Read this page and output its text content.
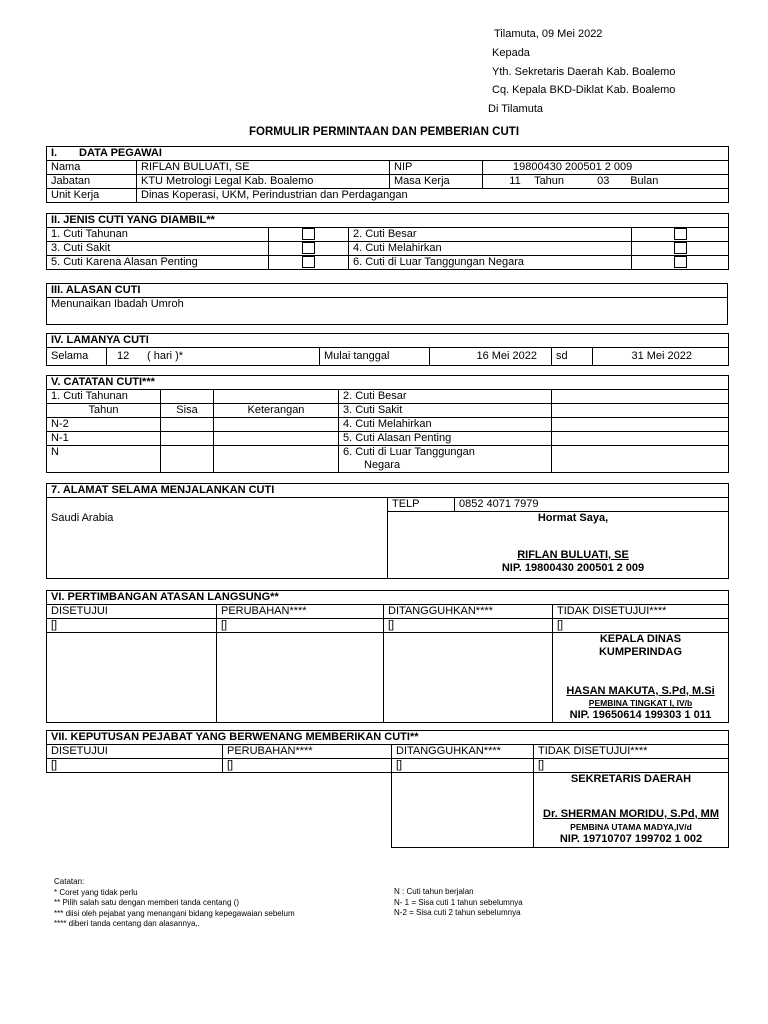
Tilamuta, 09 Mei 2022
Kepada
Yth. Sekretaris Daerah Kab. Boalemo
Cq. Kepala BKD-Diklat Kab. Boalemo
Di Tilamuta
FORMULIR PERMINTAAN DAN PEMBERIAN CUTI
I. DATA PEGAWAI			
Nama	RIFLAN BULUATI, SE	NIP	19800430 200501 2 009
Jabatan	KTU Metrologi Legal Kab. Boalemo	Masa Kerja	11 Tahun 03 Bulan
Unit Kerja	Dinas Koperasi, UKM, Perindustrian dan Perdagangan		
II. JENIS CUTI YANG DIAMBIL**			
1. Cuti Tahunan		2. Cuti Besar	
3. Cuti Sakit		4. Cuti Melahirkan	
5. Cuti Karena Alasan Penting		6. Cuti di Luar Tanggungan Negara	
III. ALASAN CUTI
Menunaikan Ibadah Umroh
IV. LAMANYA CUTI
Selama	12 ( hari )*	Mulai tanggal	16 Mei 2022	sd	31 Mei 2022
V. CATATAN CUTI***				
1. Cuti Tahunan			2. Cuti Besar	
Tahun	Sisa	Keterangan	3. Cuti Sakit	
N-2			4. Cuti Melahirkan	
N-1			5. Cuti Alasan Penting	
N			6. Cuti di Luar Tanggungan
Negara	

7. ALAMAT SELAMA MENJALANKAN CUTI		
	TELP	0852 4071 7979
Saudi Arabia	Hormat Saya,
RIFLAN BULUATI, SE
NIP. 19800430 200501 2 009	
VI. PERTIMBANGAN ATASAN LANGSUNG**			
DISETUJUI	PERUBAHAN****	DITANGGUHKAN****	TIDAK DISETUJUI****
[]	[]	[]	[]

			KEPALA DINAS
KUMPERINDAG
HASAN MAKUTA, S.Pd, M.Si
PEMBINA TINGKAT I, IV/b
NIP. 19650614 199303 1 011
VII. KEPUTUSAN PEJABAT YANG BERWENANG MEMBERIKAN CUTI**			
DISETUJUI	PERUBAHAN****	DITANGGUHKAN****	TIDAK DISETUJUI****
[]	[]	[]	[]

			SEKRETARIS DAERAH
Dr. SHERMAN MORIDU, S.Pd, MM
PEMBINA UTAMA MADYA,IV/d
NIP. 19710707 199702 1 002
Catatan:
* Coret yang tidak perlu
** Pilih salah satu dengan memberi tanda centang ()
*** diisi oleh pejabat yang menangani bidang kepegawaian sebelum
**** diberi tanda centang dan alasannya,.
N : Cuti tahun berjalan
N- 1 = Sisa cuti 1 tahun sebelumnya
N-2 = Sisa cuti 2 tahun sebelumnya
